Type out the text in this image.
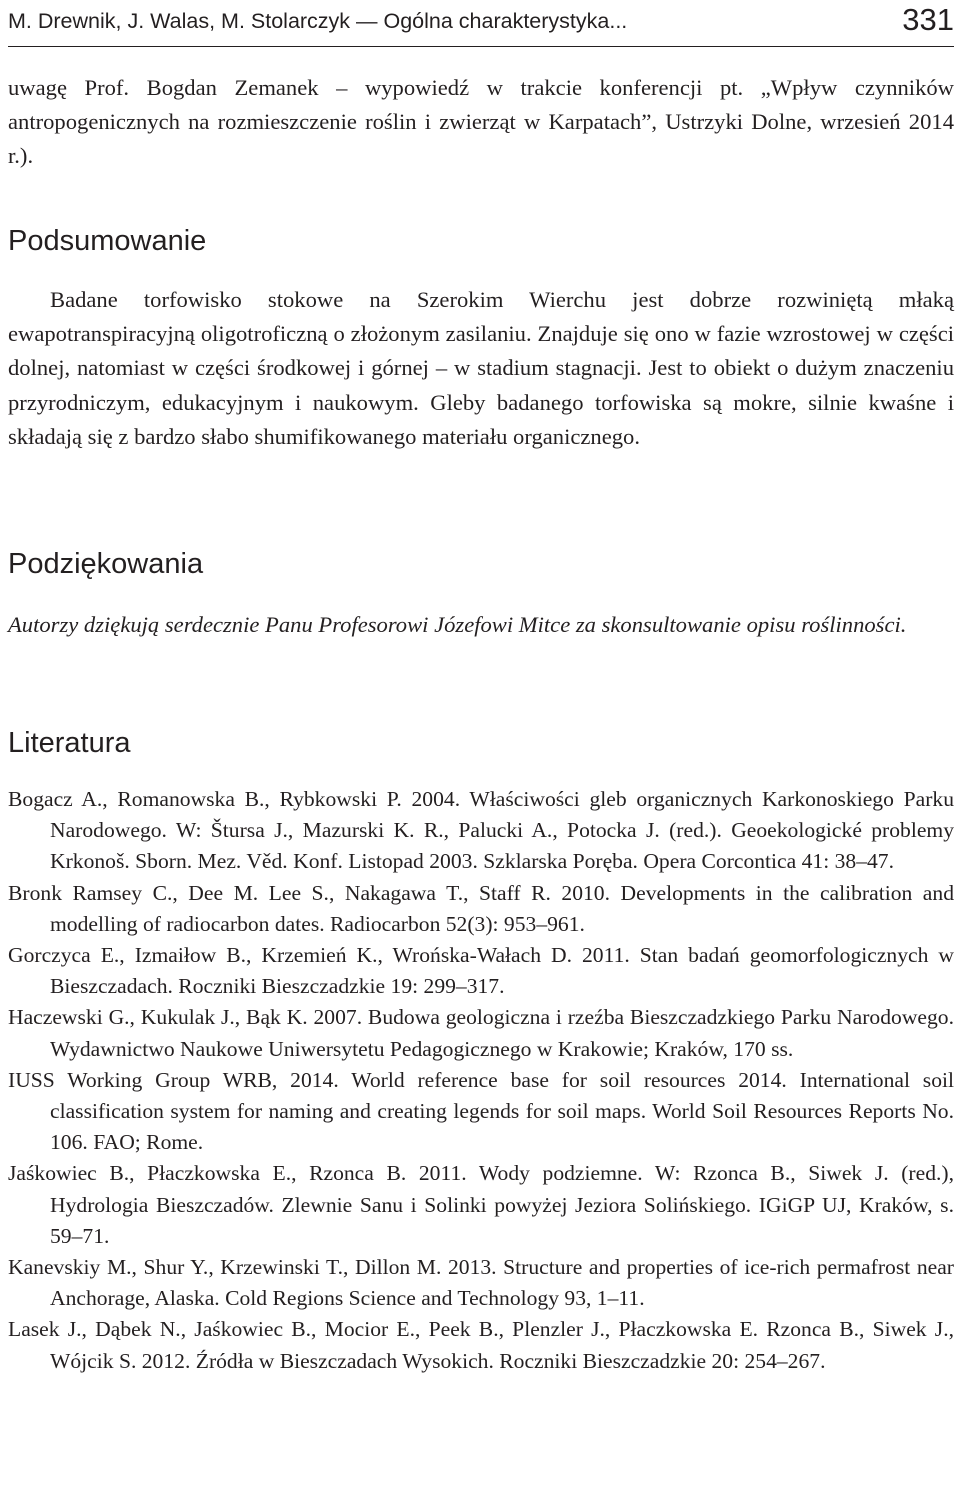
M. Drewnik, J. Walas, M. Stolarczyk — Ogólna charakterystyka...	331

uwagę Prof. Bogdan Zemanek – wypowiedź w trakcie konferencji pt. „Wpływ czynników antropogenicznych na rozmieszczenie roślin i zwierząt w Karpatach”, Ustrzyki Dolne, wrzesień 2014 r.).

Podsumowanie

Badane torfowisko stokowe na Szerokim Wierchu jest dobrze rozwiniętą młaką ewapotranspiracyjną oligotroficzną o złożonym zasilaniu. Znajduje się ono w fazie wzrostowej w części dolnej, natomiast w części środkowej i górnej – w stadium stagnacji. Jest to obiekt o dużym znaczeniu przyrodniczym, edukacyjnym i naukowym. Gleby badanego torfowiska są mokre, silnie kwaśne i składają się z bardzo słabo shumifikowanego materiału organicznego.

Podziękowania

Autorzy dziękują serdecznie Panu Profesorowi Józefowi Mitce za skonsultowanie opisu roślinności.

Literatura
Bogacz A., Romanowska B., Rybkowski P. 2004. Właściwości gleb organicznych Karkonoskiego Parku Narodowego. W: Štursa J., Mazurski K. R., Palucki A., Potocka J. (red.). Geoekologické problemy Krkonoš. Sborn. Mez. Věd. Konf. Listopad 2003. Szklarska Poręba. Opera Corcontica 41: 38–47.
Bronk Ramsey C., Dee M. Lee S., Nakagawa T., Staff R. 2010. Developments in the calibration and modelling of radiocarbon dates. Radiocarbon 52(3): 953–961.
Gorczyca E., Izmaiłow B., Krzemień K., Wrońska-Wałach D. 2011. Stan badań geomorfologicznych w Bieszczadach. Roczniki Bieszczadzkie 19: 299–317.
Haczewski G., Kukulak J., Bąk K. 2007. Budowa geologiczna i rzeźba Bieszczadzkiego Parku Narodowego. Wydawnictwo Naukowe Uniwersytetu Pedagogicznego w Krakowie; Kraków, 170 ss.
IUSS Working Group WRB, 2014. World reference base for soil resources 2014. International soil classification system for naming and creating legends for soil maps. World Soil Resources Reports No. 106. FAO; Rome.
Jaśkowiec B., Płaczkowska E., Rzonca B. 2011. Wody podziemne. W: Rzonca B., Siwek J. (red.), Hydrologia Bieszczadów. Zlewnie Sanu i Solinki powyżej Jeziora Solińskiego. IGiGP UJ, Kraków, s. 59–71.
Kanevskiy M., Shur Y., Krzewinski T., Dillon M. 2013. Structure and properties of ice-rich permafrost near Anchorage, Alaska. Cold Regions Science and Technology 93, 1–11.
Lasek J., Dąbek N., Jaśkowiec B., Mocior E., Peek B., Plenzler J., Płaczkowska E. Rzonca B., Siwek J., Wójcik S. 2012. Źródła w Bieszczadach Wysokich. Roczniki Bieszczadzkie 20: 254–267.
